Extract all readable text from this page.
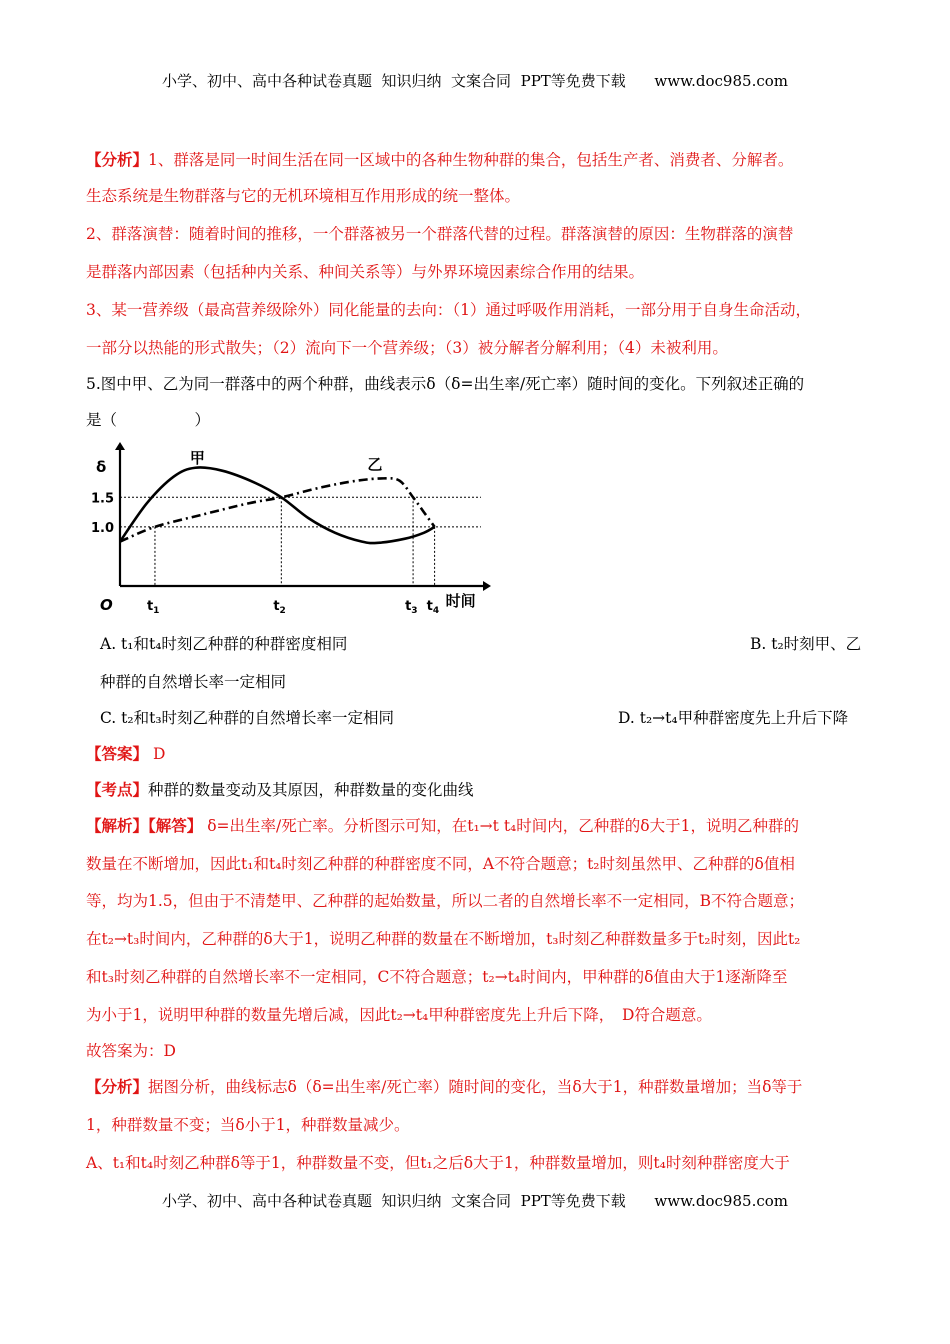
小学、初中、高中各种试卷真题  知识归纳  文案合同  PPT等免费下载      www.doc985.com
【分析】1、群落是同一时间生活在同一区域中的各种生物种群的集合，包括生产者、消费者、分解者。
生态系统是生物群落与它的无机环境相互作用形成的统一整体。
2、群落演替：随着时间的推移，一个群落被另一个群落代替的过程。群落演替的原因：生物群落的演替
是群落内部因素（包括种内关系、种间关系等）与外界环境因素综合作用的结果。
3、某一营养级（最高营养级除外）同化能量的去向：（1）通过呼吸作用消耗，一部分用于自身生命活动，
一部分以热能的形式散失；（2）流向下一个营养级；（3）被分解者分解利用；（4）未被利用。
5.图中甲、乙为同一群落中的两个种群，曲线表示δ（δ=出生率/死亡率）随时间的变化。下列叙述正确的
是（　　　　　）
甲	乙
δ
1.5
1.0
O	$t_1$	$t_2$	$t_3$ $t_4$
时间
A. t₁和t₄时刻乙种群的种群密度相同	B. t₂时刻甲、乙
种群的自然增长率一定相同
C. t₂和t₃时刻乙种群的自然增长率一定相同	D. t₂→t₄甲种群密度先上升后下降
【答案】 D
【考点】种群的数量变动及其原因，种群数量的变化曲线
【解析】【解答】 δ=出生率/死亡率。分析图示可知，在t₁→t t₄时间内，乙种群的δ大于1，说明乙种群的
数量在不断增加，因此t₁和t₄时刻乙种群的种群密度不同，A不符合题意；t₂时刻虽然甲、乙种群的δ值相
等，均为1.5，但由于不清楚甲、乙种群的起始数量，所以二者的自然增长率不一定相同，B不符合题意；
在t₂→t₃时间内，乙种群的δ大于1，说明乙种群的数量在不断增加，t₃时刻乙种群数量多于t₂时刻，因此t₂
和t₃时刻乙种群的自然增长率不一定相同，C不符合题意；t₂→t₄时间内，甲种群的δ值由大于1逐渐降至
为小于1，说明甲种群的数量先增后减，因此t₂→t₄甲种群密度先上升后下降，　D符合题意。
故答案为：D
【分析】据图分析，曲线标志δ（δ=出生率/死亡率）随时间的变化，当δ大于1，种群数量增加；当δ等于
1，种群数量不变；当δ小于1，种群数量减少。
A、t₁和t₄时刻乙种群δ等于1，种群数量不变，但t₁之后δ大于1，种群数量增加，则t₄时刻种群密度大于
小学、初中、高中各种试卷真题  知识归纳  文案合同  PPT等免费下载      www.doc985.com
